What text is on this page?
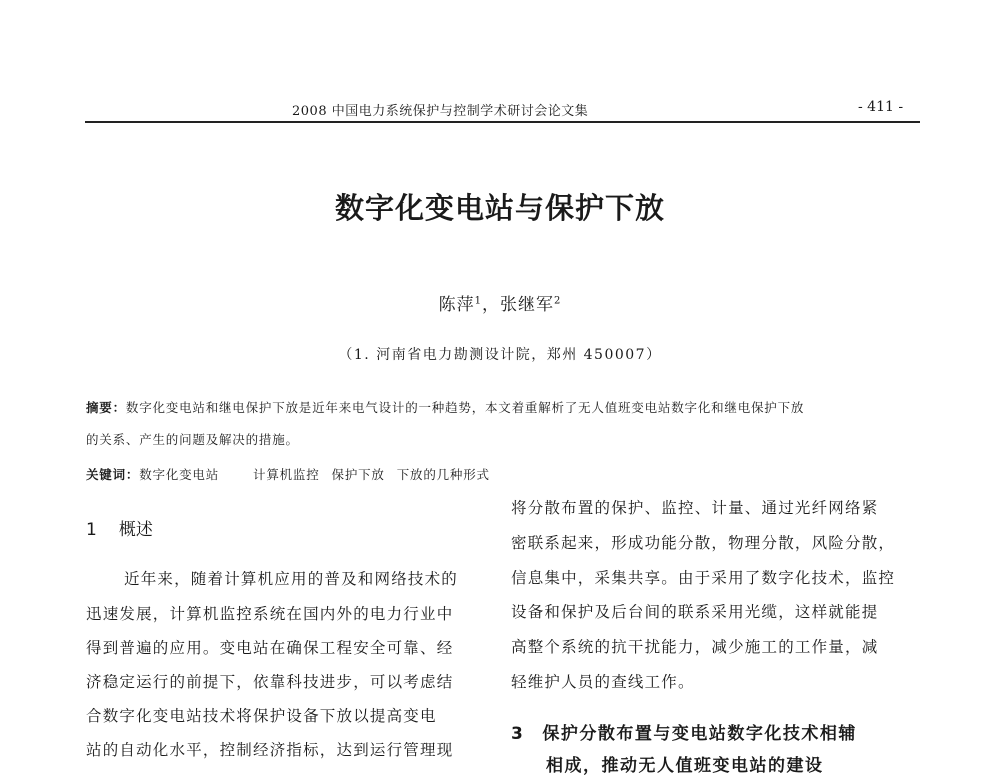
2008 中国电力系统保护与控制学术研讨会论文集	- 411 -
数字化变电站与保护下放
陈萍$^1$，张继军$^2$
（1. 河南省电力勘测设计院，郑州 450007）
摘要：数字化变电站和继电保护下放是近年来电气设计的一种趋势，本文着重解析了无人值班变电站数字化和继电保护下放
的关系、产生的问题及解决的措施。
关键词：数字化变电站	计算机监控 保护下放 下放的几种形式
1 概述
近年来，随着计算机应用的普及和网络技术的
迅速发展，计算机监控系统在国内外的电力行业中
得到普遍的应用。变电站在确保工程安全可靠、经
济稳定运行的前提下，依靠科技进步，可以考虑结
合数字化变电站技术将保护设备下放以提高变电
站的自动化水平，控制经济指标，达到运行管理现
将分散布置的保护、监控、计量、通过光纤网络紧
密联系起来，形成功能分散，物理分散，风险分散，
信息集中，采集共享。由于采用了数字化技术，监控
设备和保护及后台间的联系采用光缆，这样就能提
高整个系统的抗干扰能力，减少施工的工作量，减
轻维护人员的查线工作。
3 保护分散布置与变电站数字化技术相辅
相成，推动无人值班变电站的建设
